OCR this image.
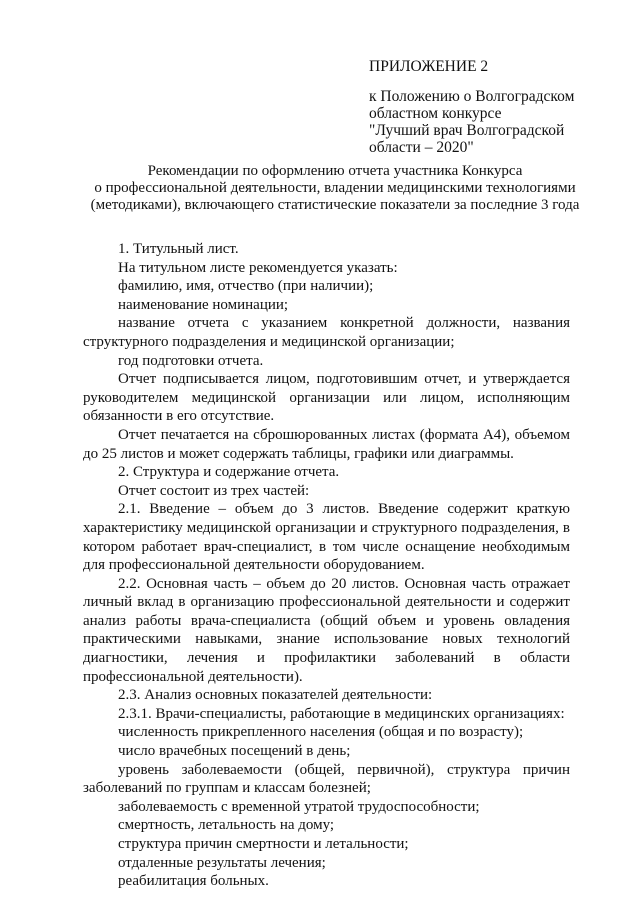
ПРИЛОЖЕНИЕ 2
к Положению о Волгоградском
областном конкурсе
"Лучший врач Волгоградской
области – 2020"
Рекомендации по оформлению отчета участника Конкурса
о профессиональной деятельности, владении медицинскими технологиями
(методиками), включающего статистические показатели за последние 3 года

1. Титульный лист.

На титульном листе рекомендуется указать:

фамилию, имя, отчество (при наличии);

наименование номинации;

название отчета с указанием конкретной должности, названия структурного подразделения и медицинской организации;

год подготовки отчета.

Отчет подписывается лицом, подготовившим отчет, и утверждается руководителем медицинской организации или лицом, исполняющим обязанности в его отсутствие.

Отчет печатается на сброшюрованных листах (формата А4), объемом до 25 листов и может содержать таблицы, графики или диаграммы.

2. Структура и содержание отчета.

Отчет состоит из трех частей:

2.1. Введение – объем до 3 листов. Введение содержит краткую характеристику медицинской организации и структурного подразделения, в котором работает врач-специалист, в том числе оснащение необходимым для профессиональной деятельности оборудованием.

2.2. Основная часть – объем до 20 листов. Основная часть отражает личный вклад в организацию профессиональной деятельности и содержит анализ работы врача-специалиста (общий объем и уровень овладения практическими навыками, знание использование новых технологий диагностики, лечения и профилактики заболеваний в области профессиональной деятельности).

2.3. Анализ основных показателей деятельности:

2.3.1. Врачи-специалисты, работающие в медицинских организациях:

численность прикрепленного населения (общая и по возрасту);

число врачебных посещений в день;

уровень заболеваемости (общей, первичной), структура причин заболеваний по группам и классам болезней;

заболеваемость с временной утратой трудоспособности;

смертность, летальность на дому;

структура причин смертности и летальности;

отдаленные результаты лечения;

реабилитация больных.
